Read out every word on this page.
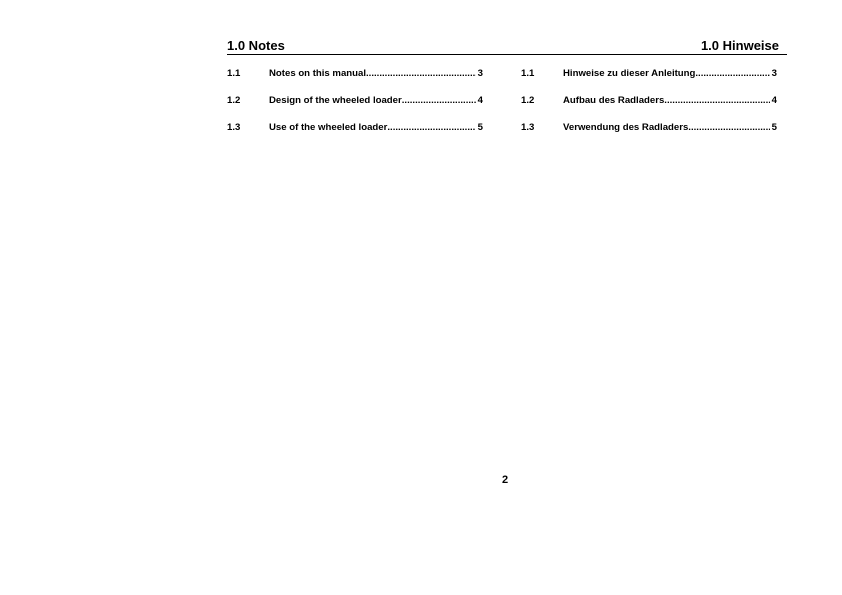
1.0 Notes	1.0 Hinweise
1.1	Notes on this manual .....	3
1.2	Design of the wheeled loader .....	4
1.3	Use of the wheeled loader .....	5
1.1	Hinweise zu dieser Anleitung .....	3
1.2	Aufbau des Radladers .....	4
1.3	Verwendung des Radladers .....	5
2
